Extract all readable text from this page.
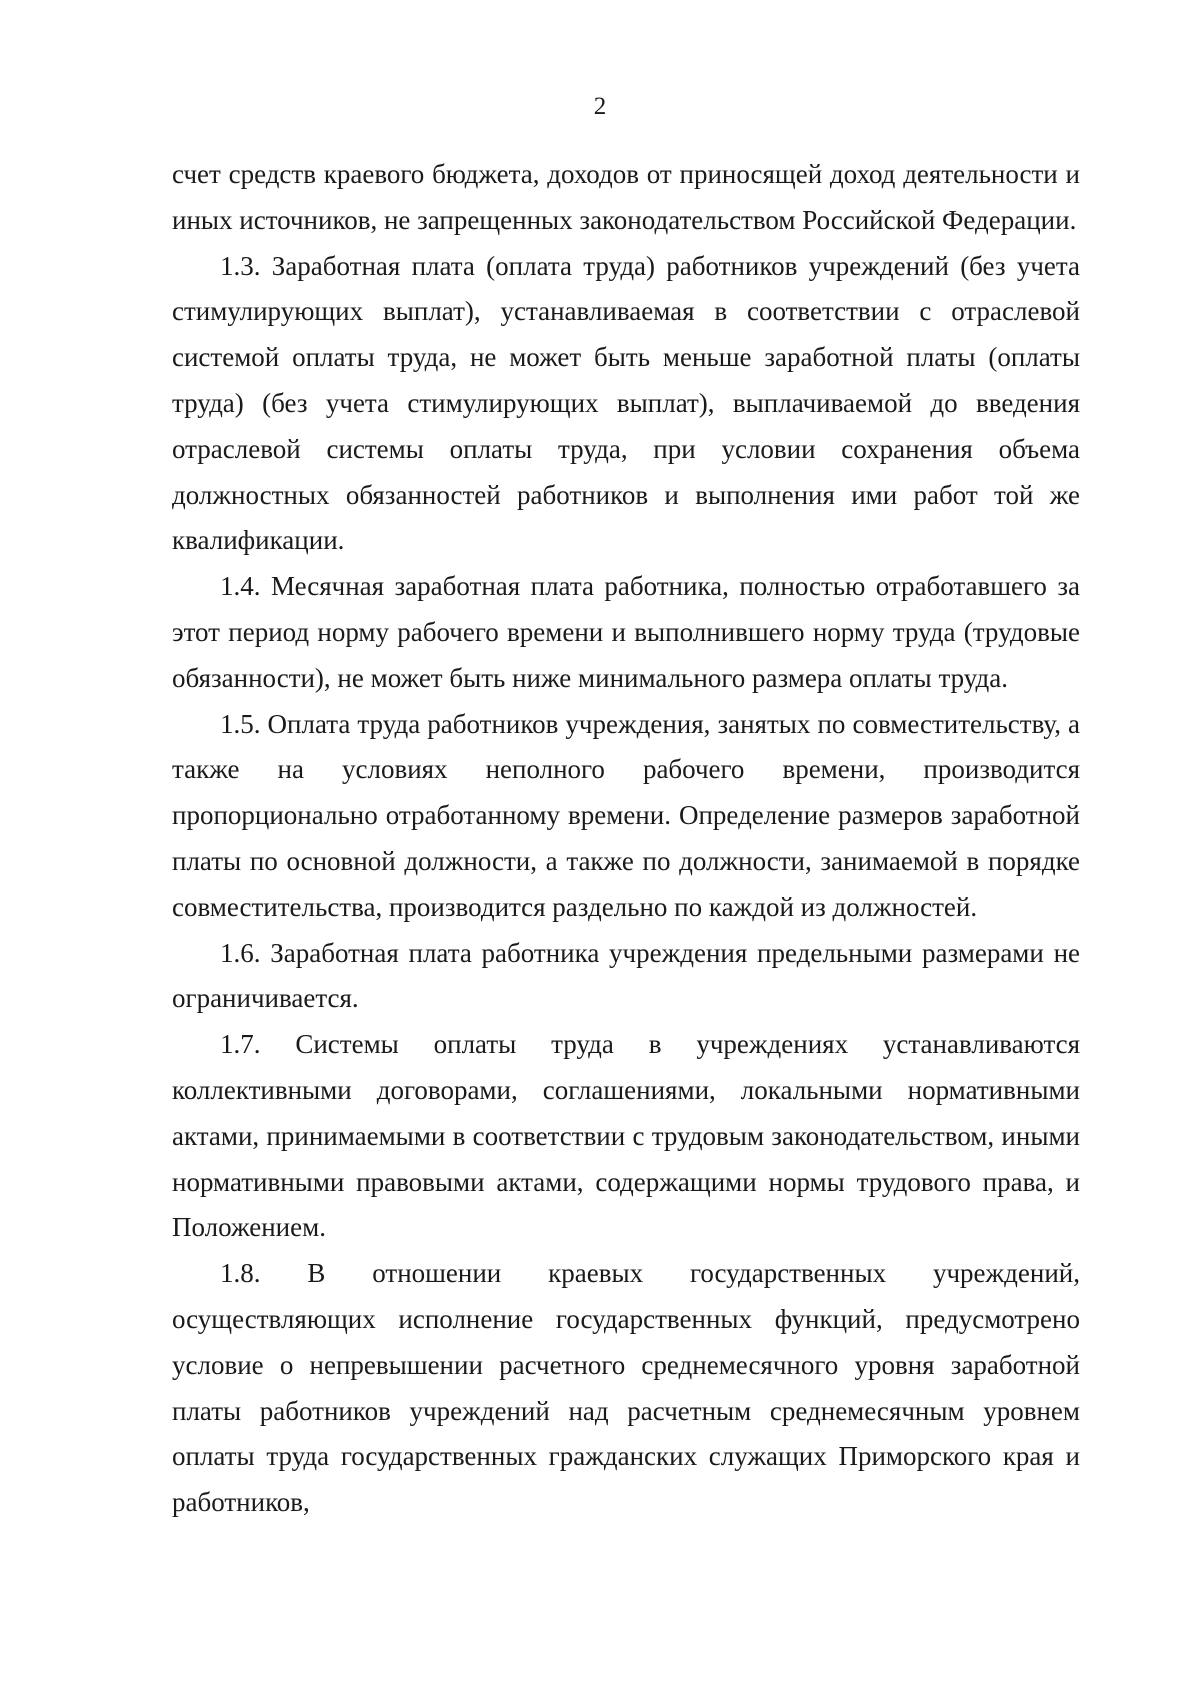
2

счет средств краевого бюджета, доходов от приносящей доход деятельности и иных источников, не запрещенных законодательством Российской Федерации.

1.3. Заработная плата (оплата труда) работников учреждений (без учета стимулирующих выплат), устанавливаемая в соответствии с отраслевой системой оплаты труда, не может быть меньше заработной платы (оплаты труда) (без учета стимулирующих выплат), выплачиваемой до введения отраслевой системы оплаты труда, при условии сохранения объема должностных обязанностей работников и выполнения ими работ той же квалификации.

1.4. Месячная заработная плата работника, полностью отработавшего за этот период норму рабочего времени и выполнившего норму труда (трудовые обязанности), не может быть ниже минимального размера оплаты труда.

1.5. Оплата труда работников учреждения, занятых по совместительству, а также на условиях неполного рабочего времени, производится пропорционально отработанному времени. Определение размеров заработной платы по основной должности, а также по должности, занимаемой в порядке совместительства, производится раздельно по каждой из должностей.

1.6. Заработная плата работника учреждения предельными размерами не ограничивается.

1.7. Системы оплаты труда в учреждениях устанавливаются коллективными договорами, соглашениями, локальными нормативными актами, принимаемыми в соответствии с трудовым законодательством, иными нормативными правовыми актами, содержащими нормы трудового права, и Положением.

1.8. В отношении краевых государственных учреждений, осуществляющих исполнение государственных функций, предусмотрено условие о непревышении расчетного среднемесячного уровня заработной платы работников учреждений над расчетным среднемесячным уровнем оплаты труда государственных гражданских служащих Приморского края и работников,
